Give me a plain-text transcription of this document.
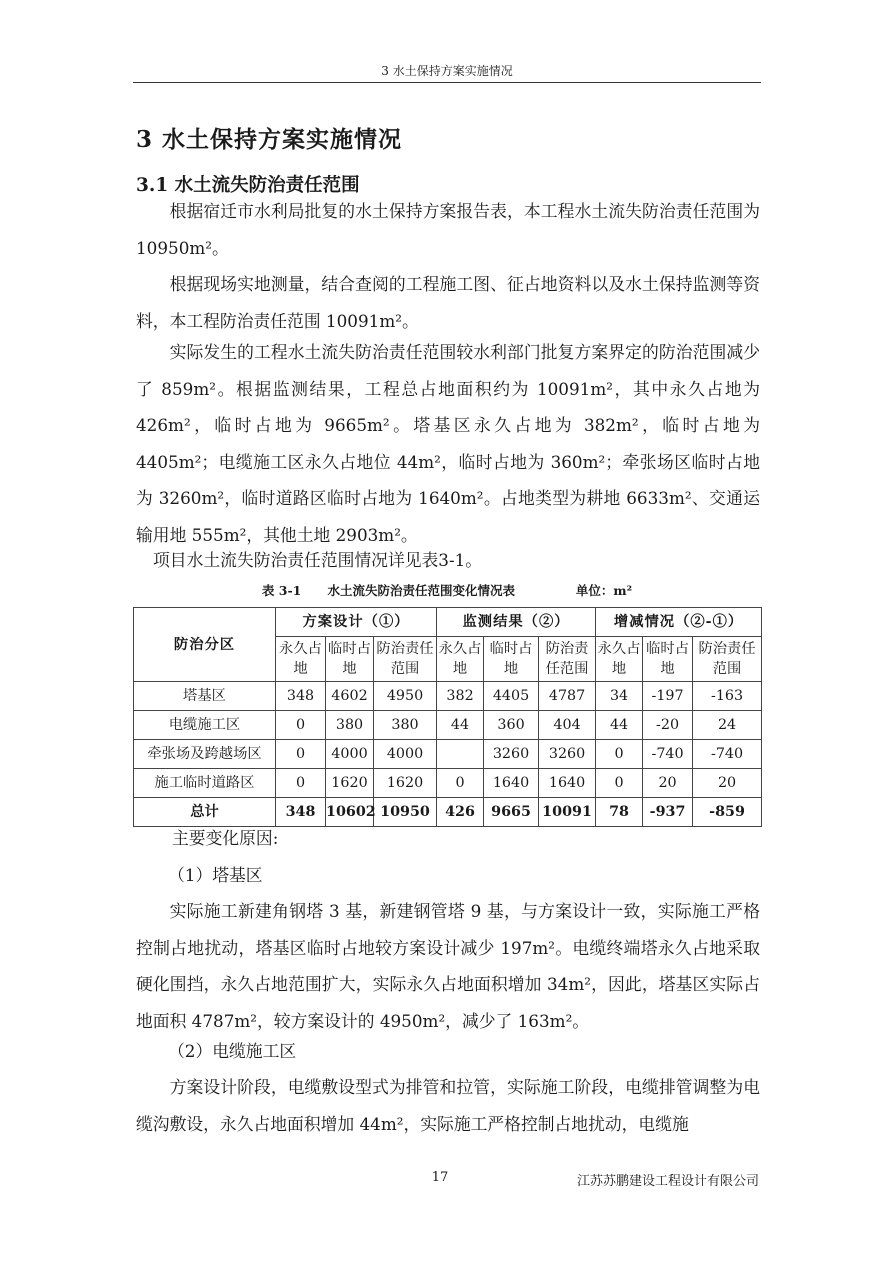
3 水土保持方案实施情况
3 水土保持方案实施情况
3.1 水土流失防治责任范围

根据宿迁市水利局批复的水土保持方案报告表，本工程水土流失防治责任范围为 10950m²。

根据现场实地测量，结合查阅的工程施工图、征占地资料以及水土保持监测等资料，本工程防治责任范围 10091m²。

实际发生的工程水土流失防治责任范围较水利部门批复方案界定的防治范围减少了 859m²。根据监测结果，工程总占地面积约为 10091m²，其中永久占地为 426m²，临时占地为 9665m²。塔基区永久占地为 382m²，临时占地为 4405m²；电缆施工区永久占地位 44m²，临时占地为 360m²；牵张场区临时占地为 3260m²，临时道路区临时占地为 1640m²。占地类型为耕地 6633m²、交通运输用地 555m²，其他土地 2903m²。

项目水土流失防治责任范围情况详见表3-1。

表 3-1      水土流失防治责任范围变化情况表              单位：m²
防治分区	方案设计（①）			监测结果（②）			增减情况（②-①）		
	永久占地	临时占地	防治责任范围	永久占地	临时占地	防治责任范围	永久占地	临时占地	防治责任范围
塔基区	348	4602	4950	382	4405	4787	34	-197	-163
电缆施工区	0	380	380	44	360	404	44	-20	24
牵张场及跨越场区	0	4000	4000		3260	3260	0	-740	-740
施工临时道路区	0	1620	1620	0	1640	1640	0	20	20
总计	348	10602	10950	426	9665	10091	78	-937	-859

主要变化原因:

（1）塔基区

实际施工新建角钢塔 3 基，新建钢管塔 9 基，与方案设计一致，实际施工严格控制占地扰动，塔基区临时占地较方案设计减少 197m²。电缆终端塔永久占地采取硬化围挡，永久占地范围扩大，实际永久占地面积增加 34m²，因此，塔基区实际占地面积 4787m²，较方案设计的 4950m²，减少了 163m²。

（2）电缆施工区

方案设计阶段，电缆敷设型式为排管和拉管，实际施工阶段，电缆排管调整为电缆沟敷设，永久占地面积增加 44m²，实际施工严格控制占地扰动，电缆施

17	江苏苏鹏建设工程设计有限公司
